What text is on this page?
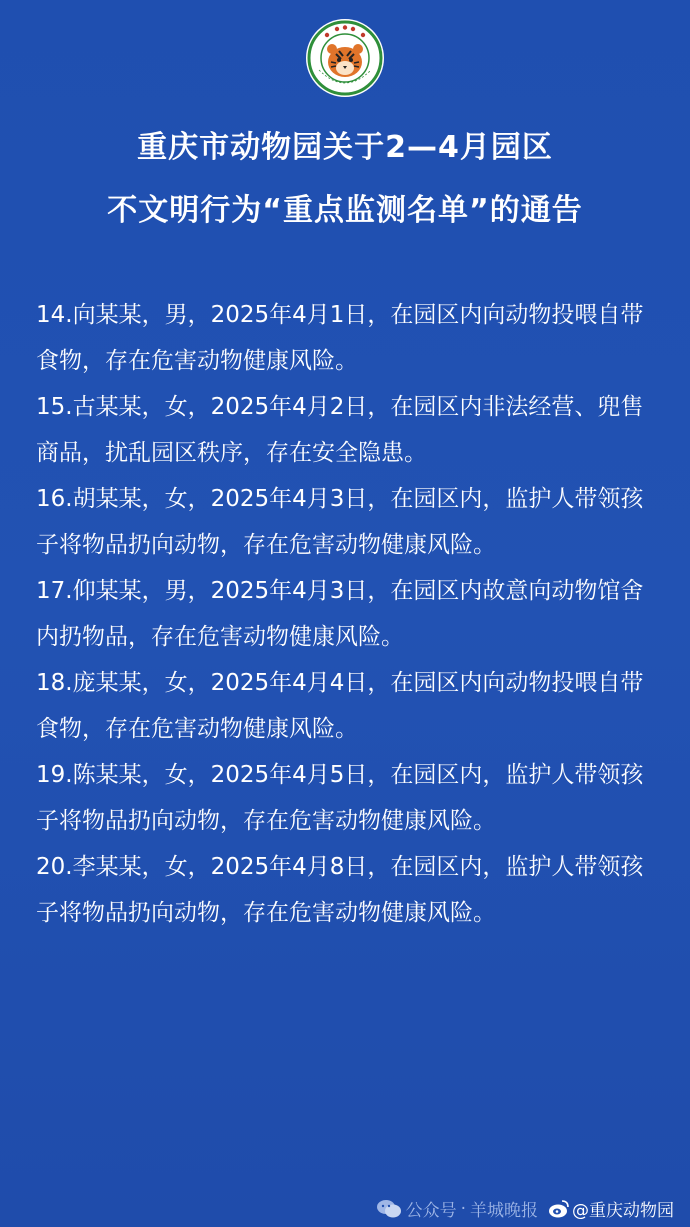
重庆市动物园关于2—4月园区
不文明行为“重点监测名单”的通告
14.向某某，男，2025年4月1日，在园区内向动物投喂自带食物，存在危害动物健康风险。
15.古某某，女，2025年4月2日，在园区内非法经营、兜售商品，扰乱园区秩序，存在安全隐患。
16.胡某某，女，2025年4月3日，在园区内，监护人带领孩子将物品扔向动物，存在危害动物健康风险。
17.仰某某，男，2025年4月3日，在园区内故意向动物馆舍内扔物品，存在危害动物健康风险。
18.庞某某，女，2025年4月4日，在园区内向动物投喂自带食物，存在危害动物健康风险。
19.陈某某，女，2025年4月5日，在园区内，监护人带领孩子将物品扔向动物，存在危害动物健康风险。
20.李某某，女，2025年4月8日，在园区内，监护人带领孩子将物品扔向动物，存在危害动物健康风险。
公众号 · 羊城晚报 @重庆动物园
